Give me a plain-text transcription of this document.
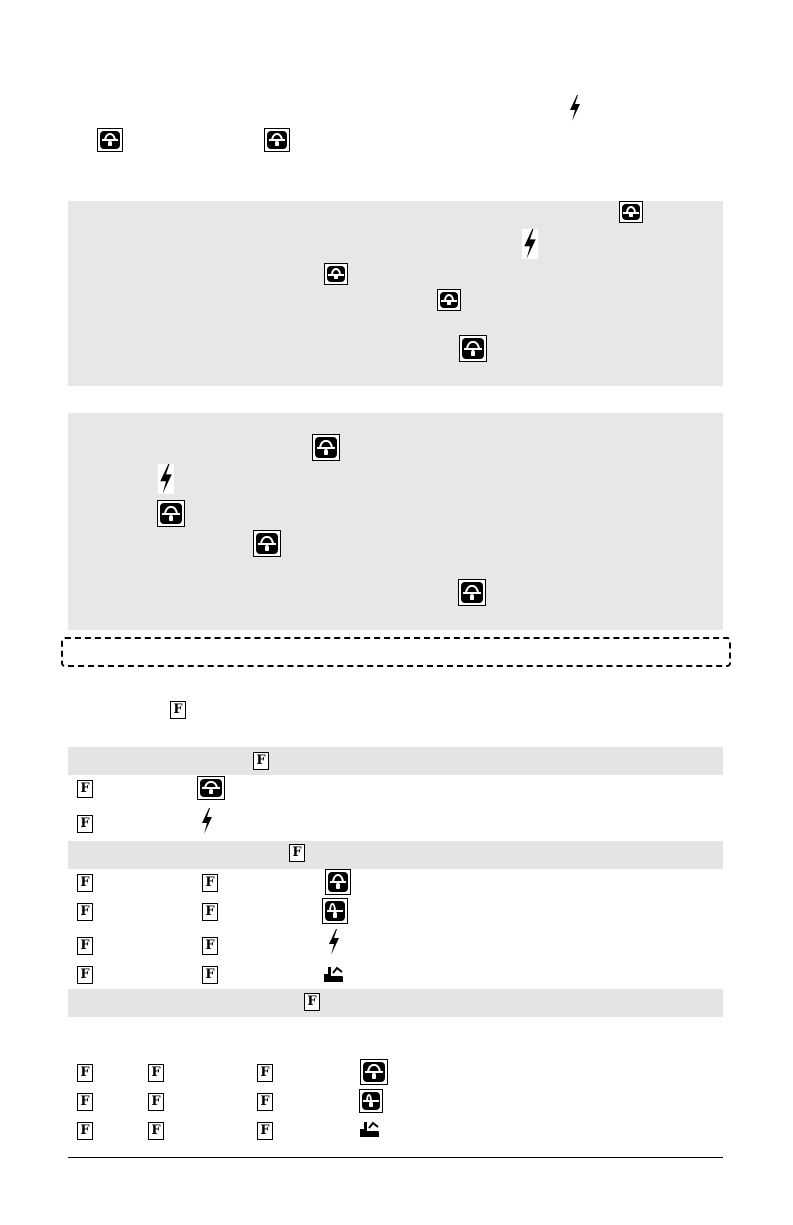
F
F
F
F
F
F	F
F	F
F	F
F	F
F
F	F	F
F	F	F
F	F	F
